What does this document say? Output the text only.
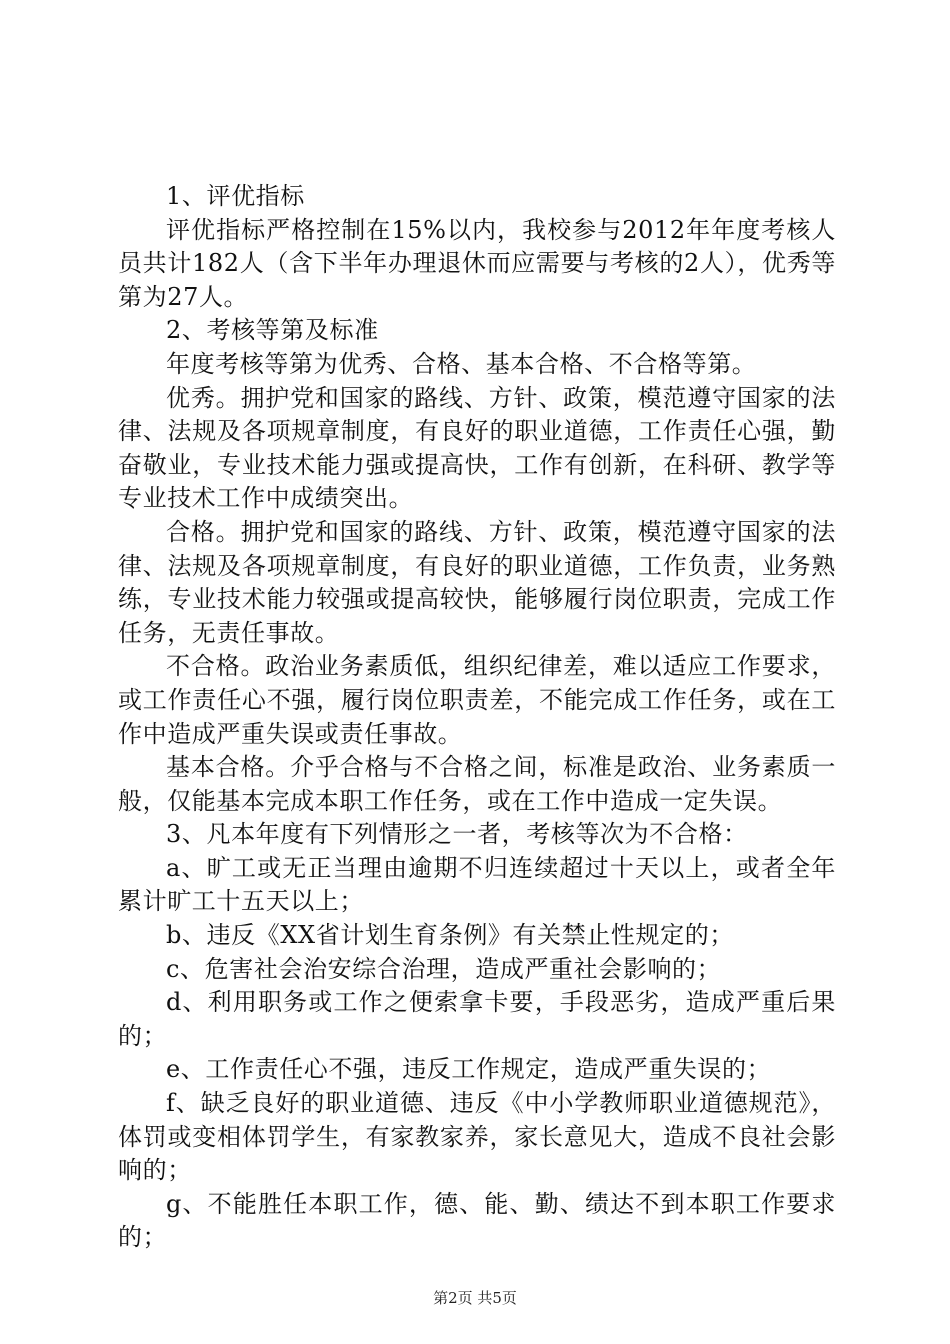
1、评优指标

评优指标严格控制在15%以内，我校参与2012年年度考核人员共计182人（含下半年办理退休而应需要与考核的2人），优秀等第为27人。

2、考核等第及标准

年度考核等第为优秀、合格、基本合格、不合格等第。

优秀。拥护党和国家的路线、方针、政策，模范遵守国家的法律、法规及各项规章制度，有良好的职业道德，工作责任心强，勤奋敬业，专业技术能力强或提高快，工作有创新，在科研、教学等专业技术工作中成绩突出。

合格。拥护党和国家的路线、方针、政策，模范遵守国家的法律、法规及各项规章制度，有良好的职业道德，工作负责，业务熟练，专业技术能力较强或提高较快，能够履行岗位职责，完成工作任务，无责任事故。

不合格。政治业务素质低，组织纪律差，难以适应工作要求，或工作责任心不强，履行岗位职责差，不能完成工作任务，或在工作中造成严重失误或责任事故。

基本合格。介乎合格与不合格之间，标准是政治、业务素质一般，仅能基本完成本职工作任务，或在工作中造成一定失误。

3、凡本年度有下列情形之一者，考核等次为不合格：

a、旷工或无正当理由逾期不归连续超过十天以上，或者全年累计旷工十五天以上；

b、违反《XX省计划生育条例》有关禁止性规定的；

c、危害社会治安综合治理，造成严重社会影响的；

d、利用职务或工作之便索拿卡要，手段恶劣，造成严重后果的；

e、工作责任心不强，违反工作规定，造成严重失误的；

f、缺乏良好的职业道德、违反《中小学教师职业道德规范》，体罚或变相体罚学生，有家教家养，家长意见大，造成不良社会影响的；

g、不能胜任本职工作，德、能、勤、绩达不到本职工作要求的；

第2页 共5页
